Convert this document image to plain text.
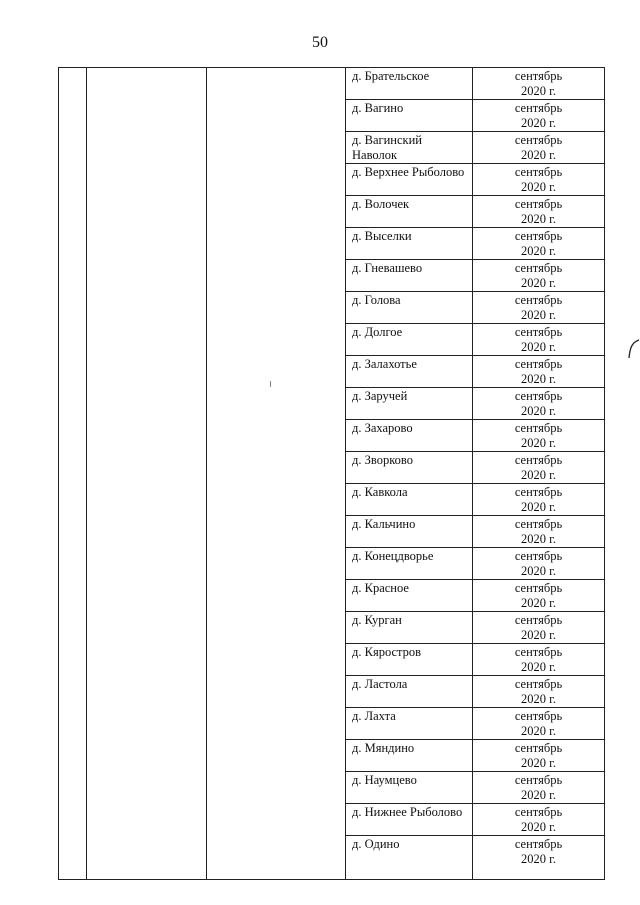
50
			д. Брательское	сентябрь
2020 г.

			д. Вагино	сентябрь
2020 г.

			д. Вагинский Наволок	сентябрь
2020 г.

			д. Верхнее Рыболово	сентябрь
2020 г.

			д. Волочек	сентябрь
2020 г.

			д. Выселки	сентябрь
2020 г.

			д. Гневашево	сентябрь
2020 г.

			д. Голова	сентябрь
2020 г.

			д. Долгое	сентябрь
2020 г.

			д. Залахотье	сентябрь
2020 г.

			д. Заручей	сентябрь
2020 г.

			д. Захарово	сентябрь
2020 г.

			д. Зворково	сентябрь
2020 г.

			д. Кавкола	сентябрь
2020 г.

			д. Кальчино	сентябрь
2020 г.

			д. Конецдворье	сентябрь
2020 г.

			д. Красное	сентябрь
2020 г.

			д. Курган	сентябрь
2020 г.

			д. Кяростров	сентябрь
2020 г.

			д. Ластола	сентябрь
2020 г.

			д. Лахта	сентябрь
2020 г.

			д. Мяндино	сентябрь
2020 г.

			д. Наумцево	сентябрь
2020 г.

			д. Нижнее Рыболово	сентябрь
2020 г.

			д. Одино	сентябрь
2020 г.
